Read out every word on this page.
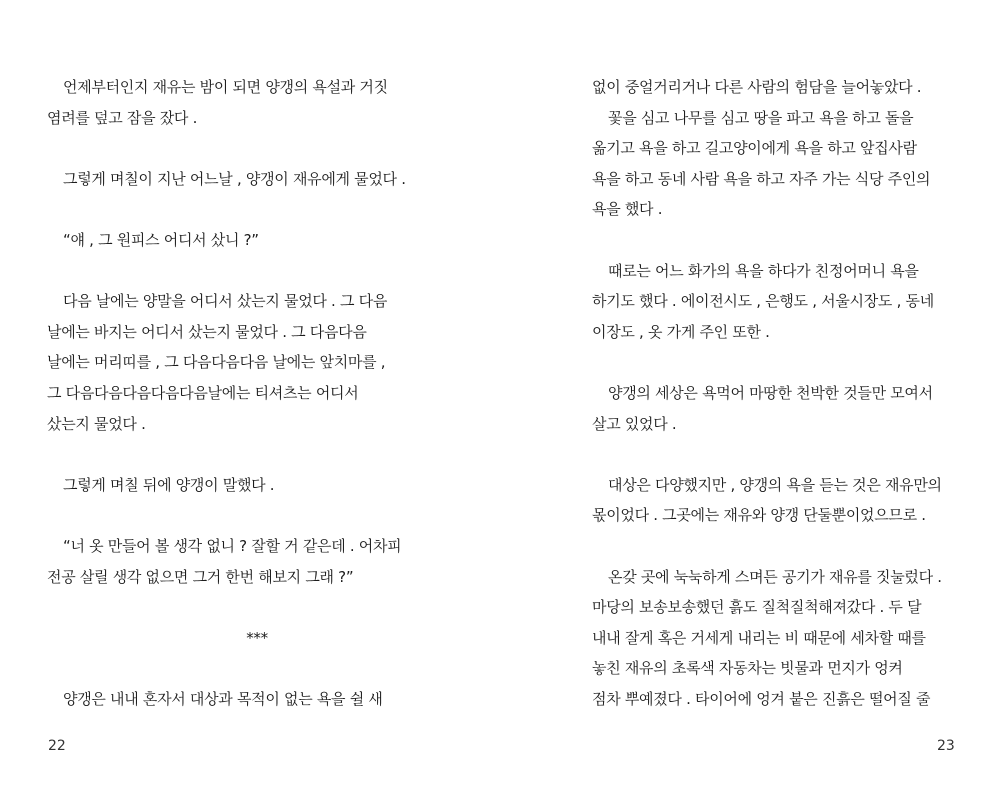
언제부터인지 재유는 밤이 되면 양갱의 욕설과 거짓
염려를 덮고 잠을 잤다 .
그렇게 며칠이 지난 어느날 , 양갱이 재유에게 물었다 .
“얘 , 그 원피스 어디서 샀니 ?”
다음 날에는 양말을 어디서 샀는지 물었다 . 그 다음
날에는 바지는 어디서 샀는지 물었다 . 그 다음다음
날에는 머리띠를 , 그 다음다음다음 날에는 앞치마를 ,
그 다음다음다음다음다음날에는 티셔츠는 어디서
샀는지 물었다 .
그렇게 며칠 뒤에 양갱이 말했다 .
“너 옷 만들어 볼 생각 없니 ? 잘할 거 같은데 . 어차피
전공 살릴 생각 없으면 그거 한번 해보지 그래 ?”
***
양갱은 내내 혼자서 대상과 목적이 없는 욕을 쉴 새
없이 중얼거리거나 다른 사람의 험담을 늘어놓았다 .
꽃을 심고 나무를 심고 땅을 파고 욕을 하고 돌을
옮기고 욕을 하고 길고양이에게 욕을 하고 앞집사람
욕을 하고 동네 사람 욕을 하고 자주 가는 식당 주인의
욕을 했다 .
때로는 어느 화가의 욕을 하다가 친정어머니 욕을
하기도 했다 . 에이전시도 , 은행도 , 서울시장도 , 동네
이장도 , 옷 가게 주인 또한 .
양갱의 세상은 욕먹어 마땅한 천박한 것들만 모여서
살고 있었다 .
대상은 다양했지만 , 양갱의 욕을 듣는 것은 재유만의
몫이었다 . 그곳에는 재유와 양갱 단둘뿐이었으므로 .
온갖 곳에 눅눅하게 스며든 공기가 재유를 짓눌렀다 .
마당의 보송보송했던 흙도 질척질척해져갔다 . 두 달
내내 잘게 혹은 거세게 내리는 비 때문에 세차할 때를
놓친 재유의 초록색 자동차는 빗물과 먼지가 엉켜
점차 뿌예졌다 . 타이어에 엉겨 붙은 진흙은 떨어질 줄
22	23
